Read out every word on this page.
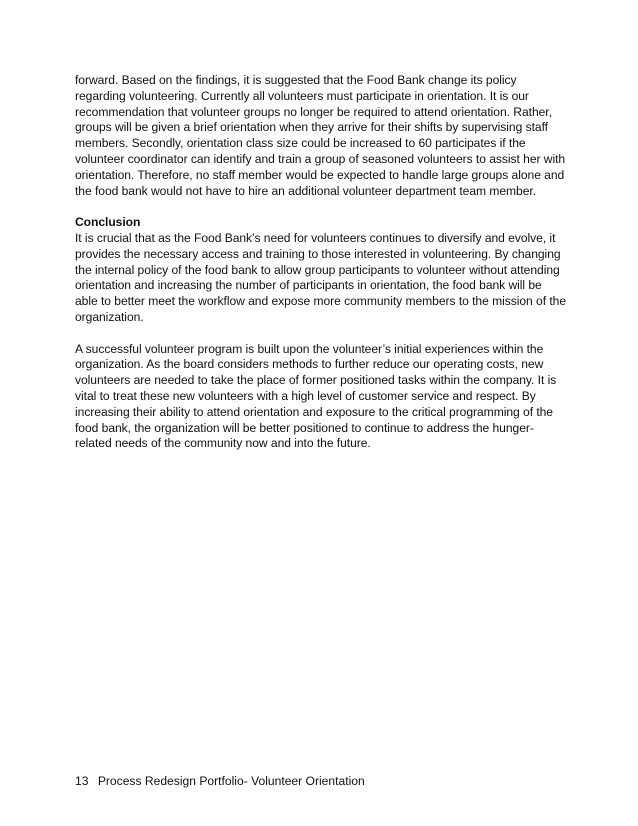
forward. Based on the findings, it is suggested that the Food Bank change its policy regarding volunteering. Currently all volunteers must participate in orientation. It is our recommendation that volunteer groups no longer be required to attend orientation. Rather, groups will be given a brief orientation when they arrive for their shifts by supervising staff members. Secondly, orientation class size could be increased to 60 participates if the volunteer coordinator can identify and train a group of seasoned volunteers to assist her with orientation. Therefore, no staff member would be expected to handle large groups alone and the food bank would not have to hire an additional volunteer department team member.

Conclusion

It is crucial that as the Food Bank’s need for volunteers continues to diversify and evolve, it provides the necessary access and training to those interested in volunteering. By changing the internal policy of the food bank to allow group participants to volunteer without attending orientation and increasing the number of participants in orientation, the food bank will be able to better meet the workflow and expose more community members to the mission of the organization.

A successful volunteer program is built upon the volunteer’s initial experiences within the organization. As the board considers methods to further reduce our operating costs, new volunteers are needed to take the place of former positioned tasks within the company. It is vital to treat these new volunteers with a high level of customer service and respect. By increasing their ability to attend orientation and exposure to the critical programming of the food bank, the organization will be better positioned to continue to address the hunger-related needs of the community now and into the future.

13 Process Redesign Portfolio- Volunteer Orientation
